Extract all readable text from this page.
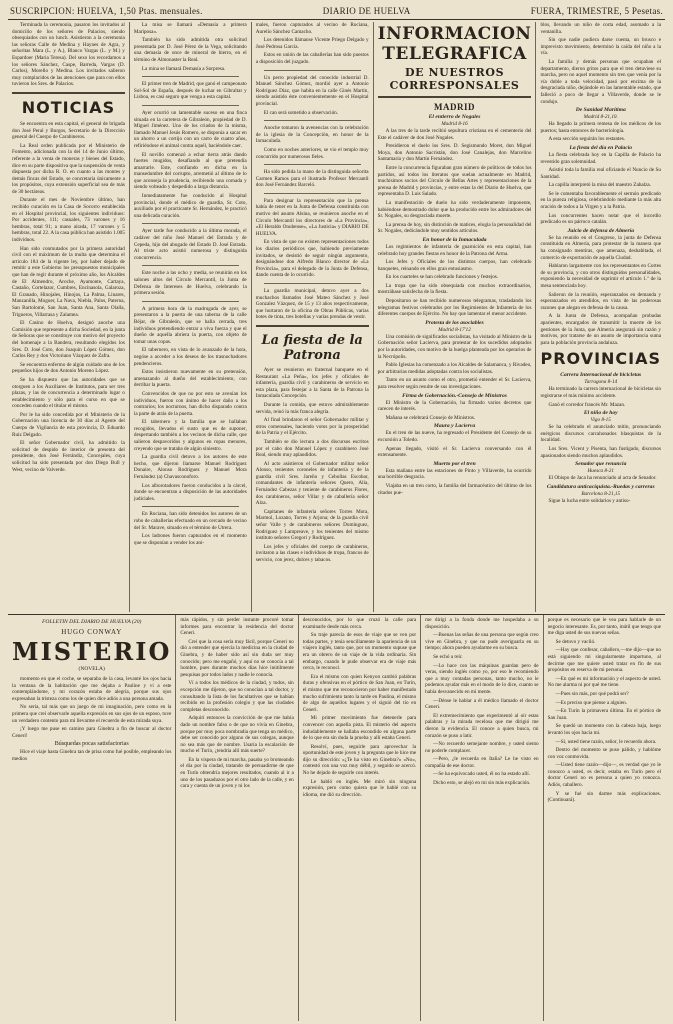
SUSCRIPCION: HUELVA, 1,50 Ptas. mensuales.	DIARIO DE HUELVA	FUERA, TRIMESTRE, 5 Pesetas.

Terminada la ceremonia, pasaron los invitados al domicilio de los señores de Palacios, siendo obsequiados con un lunch. Asistieron a la ceremonia las señoras Calle de Medina y Haynes de Agra, y señoritas Mara (L. y A.), Blanco Vargas (L. y M.) y Espardoer (Maria Teresa). Del sexo los recordamos a los señores Sánchez, Caspe, Barreda, Vargas (D. Carlos), Morello y Medina. Los invitados salieron muy complacidos de las atenciones que para con ellos tuvieron los Sres. de Palacios.

NOTICIAS

Se encuentra en esta capital, el general de brigada don José Peral y Burgos, Secretario de la Dirección general del Cuerpo de Carabineros.

La Real orden publicada por el Ministerio de Fomento, adicionada con la del 14 de Junio último, referente a la venta de moneras y bienes del Estado, dice en su parte dispositiva que la suspensión de venta dispuesta por dicha R. O. en cuanto a las montes y demás fincas del Estado, se concretaría únicamente a los propósitos, cuya extensión superficial sea de más de 30 hectáreas.

Durante el mes de Noviembre último, han recibido curación en la Casa de Socorro establecida en el Hospital provincial, los siguientes individuos: Por accidentes, 111; casuales, 73 varones y 16 hembras, total 91; a mano airada, 17 varones y 5 hembras, total 22. A la casa pública han asistido 1.005 individuos.

Han sido conmutados por la primera autoridad civil con el máximum de la multa que determina el artículo 184 de la vigente ley, por haber dejado de remitir a este Gobierno los presupuestos municipales que han de regir durante el próximo año, los Alcaldes de El Almendro, Aroche, Ayamonte, Cartaya, Castaño, Cortelazor, Cumbres, Encinasola, Galaroza, El Granado, Hinojales, Hinojos, La Palma, Linares, Manzanilla, Moguer, La Nava, Niebla, Palos, Paterna, San Bartolomé, San Juan, Santa Ana, Santa Olalla, Trigueros, Villarrasa y Zalamea.

El Casino de Huelva, designó anoche una Comisión que represente a dicha Sociedad, en la junta de Señoras que se constituye con motivo del proyecto del homenaje a la Bandera, resultando elegidos los Sres. D. José Coto, don Joaquín López Gómez, don Carlos Rey y don Victoriano Vázquez de Zafra.

Se encuentra enfermo de algún cuidado uno de los pequeños hijos de don Antonio Moreno López.

Se ha dispuesto que las autoridades que se otorguen a los Auxiliares de Institutos, para ser tres plazas, y las de concurrencia a determinado lugar o establecimiento y sólo para el curso en que se conceden cuando el titular el mismo.

Por le ha sido concedida por el Ministerio de la Gobernación una licencia de 30 días al Agente del Cuerpo de Vigilancia de esta provincia, D. Eduardo Ruiz Delgado.

El señor Gobernador civil, ha admitido la solicitud de despido de interior de presenta del presidente, don José Ferrándiz, Concejales, cuya solicitud ha sido presentada por don Diego Bull y West, vecino de Valverde.

La misa se llamará «Demasía a primera Mariposa».

También ha sido admitida otra solicitud presentada por D. José Pérez de la Vega, solicitando una demasía de once de mineral de hierro, en el término de Almonaster la Real.

La mina se llamará Demasía a Sorpresa.

El primer tren de Madrid, que ganó el campeonato Sol-Sol de España, después de luchar en Gibraltar y Lisboa, es casi seguro que venga a esta capital.

Ayer ocurrió un lamentable suceso en una finca situada en la carretera de Gibraleón, propiedad de D. Miguel Jiménez. Uno de los criados de la misma, llamado Manuel Jesús Romero, se disponía a sacar en un ahorro a un cortijo con un carro de cuatro años, refiriéndose el animal contra aquél, haciéndole caer.

El novillo comenzó a echar tierra atrás dando fuertes mugidos, desafiando al que pretendía amarrarle. Este, confiando en dicha en la mansedumbre del corrupto, arremetió al último de lo que aconseja la prudencia, recibiendo una cornada y siendo volteado y despedido a larga distancia.

Inmediatamente fue conducido al Hospital provincial, donde el médico de guardia, Sr. Coto, auxiliado por el practicante Sr. Hernández, le practicó una delicada curación.

Ayer tarde fue conducido a la última morada, el cadáver del niño José Manuel del Estrada y de Cepeda, hijo del abogado del Estado D. José Estrada. Al triste acto asistió numerosa y distinguida concurrencia.

Este noche a las ocho y media, se reunirán en los salones altos del Círculo Mercantil, la Junta de Defensa de Intereses de Huelva, celebrando la primera sesión.

A primera hora de la madrugada de ayer, se presentaron a la puerta de una taberna de la calle Béjar, de Gibraleón, que se halla cerrada, tres individuos pretendiendo entrar a viva fuerza y que el dueño de aquella abriera la puerta, con objeto de tomar unas copas.

El tabernero, en vista de lo avanzado de la hora, negóse a acceder a los deseos de los trasnochadores pendencieros.

Estos insistieron nuevamente en su pretensión, amenazando al dueño del establecimiento, con derribar la puerta.

Convencidos de que no por esto se avenían los individuos, fueron con ánimo de hacer daño a los contrarios; los nocturnos, han dicho disparado contra la parte de atrás de la puerta.

El tabernero y la familia que se hallaban recogidos, llevados el susto que es de suponer, despertando también a los vecinos de dicha calle, que salieron despavoridos y algunos en ropas menores, creyendo que se trataba de algún siniestro.

La guardia civil detuvo a los autores de este hecho, que dijeron llamarse Manuel Rodríguez Donaire, Alonso Rodríguez y Manuel Mora Fernández (a) Chavasconoforo.

Los alborotadores fueron conducidos a la cárcel, donde se encuentran a disposición de las autoridades judiciales.

En Rociana, han sido detenidos los autores de un robo de caballerías efectuado en un cercado de vecino del Sr. Marave, situado en el término de Utrera.

Los ladrones fueron capturados en el momento que se disponían a vender los ani-

males, fueron capturados al vecino de Rociana, Aurelio Sánchez Camacho.

Los detenidos llámanse Vicente Priego Delgado y José Pedrosa García.

Estos en unión de las caballerías han sido puestos a disposición del juzgado.

Un perro propiedad del conocido industrial D. Manuel Sánchez Gómez, mordió ayer a Antonio Rodríguez Díaz, que habita en la calle Ginés Martín, siendo asistido éste convenientemente en el Hospital provincial.

El can será sometido a observación.

Anoche tomaron la avenencias con la celebración de la iglesia de la Concepción, en honor de la Inmaculada.

Como en noches anteriores, se vio el templo muy concurrido por numerosos fieles.

Ha sido pedida la mano de la distinguida señorita Carmen Ramos para el ilustrado Profesor Mercantil don José Fernández Barceló.

Para designar la representación que la prensa había de tener en la Junta de Defensa constituida con motivo del asunto Alsina, se reunieron anoche en el Círculo Mercantil los directores de «La Provincia», «El Heraldo Onubense», «La Justicia» y DIARIO DE HUELVA.

En vista de que no existen representaciones todos los diarios periódicos que, habiendo previamente invitados, se desistió de seguir ningún argumento, designándose don Alfredo Blanco director de «La Provincia», para el delegado de la Junta de Defensa, dando cuenta de lo ocurrido.

La guardia municipal, detuvo ayer a dos muchachos llamados José Mateo Sánchez y José Gonzalez Vázquez, de 15 y 13 años respectivamente, que hurtaron de la oficina de Obras Públicas, varias botes de tinta, tres botellas y varias prendas de vestir.

La fiesta de la Patrona

Ayer se reunieron en fraternal banquete en el Restaurant «La Peña», los jefes y oficiales de infantería, guardia civil y carabineros de servicio en esta plaza, para festejar a la Santa de la Patrona la Inmaculada Concepción.

Durante la comida, que estuvo admirablemente servida, reinó la más franca alegría.

Al final brindaron el señor Gobernador militar y otros comensales, haciendo votos por la prosperidad de la Patria y el Ejército.

También se dio lectura a dos discursos escritos por el cabo don Manuel López y carabinero José Real, siendo muy aplaudidos.

Al acto asistieron el Gobernador militar señor Alonso, tenientes coroneles de infantería y de la guardia civil Sres. Jareño y Cebollas Escobar, comandantes de infantería señores Quero, Alia, Fernández Cabezas y teniente de carabineros Flores, dos carabineros, señor Villar y de caballería señor Alza.

Capitanes de infantería señores Torres Mora, Marmol, Lozano, Torres y Arjona; de la guardia civil señor Valle y de carabineros señores Domínguez, Rodríguez y Lampreave, y los tenientes del mismo instituto señores Gregori y Rodríguez.

Los jefes y oficiales del cuerpo de carabineros, invitaron a las clases e individuos de tropa, francos de servicio, con jerez, dulces y tabacos.

INFORMACION TELEGRAFICA
DE NUESTROS CORRESPONSALES
MADRID
El entierro de Nogales

Madrid 8-16

A las tres de la tarde recibió sepultura cristiana en el cementerio del Este el cadáver de don José Nogales.

Presidieron el duelo los Sres. D. Segismundo Moret, don Miguel Moya, don Antonio Sacristán, don José Canalejas, don Marcelino Santamaría y don Martín Fernández.

Entre la concurrencia figuraban gran número de políticos de todos los partidos, así todos los literatos que suelan actualmente en Madrid, muchísimos socios del Círculo de Bellas Artes y representaciones de la prensa de Madrid y provincias, y entre estas la del Diario de Huelva, que representaba D. Luis Salado.

La manifestación de duelo ha sido verdaderamente imponente, habiéndose demostrado dolor que ha producido entre los admiradores del Sr. Nogales, su desgraciada muerte.

La prensa de hoy, sin distinción de matices, elogia la personalidad del Sr. Nogales, dedicándole muy sentidos artículos.

En honor de la Inmaculada

Los regimientos de infantería de guarnición en esta capital, han celebrado hoy grandes fiestas en honor de la Patrona del Arma.

Los Jefes y Oficiales de los distintos cuerpos, han celebrado banquetes, reinando en ellos gran entusiasmo.

En los cuarteles se han celebrado funciones y festejos.

La tropa que ha sido obsequiada con muchos extraordinarios, mostrábase satisfecha de la fiesta.

Depositaron se han recibido numerosos telegramas, trasladando los telegramas festivos celebrados por los Regimientos de Infantería de los diferentes cuerpos de Ejército. No hay que lamentar el menor accidente.

Protesta de los asociables

Madrid 8-17'12

Una comisión de significados socialistas, ha visitado al Ministro de la Gobernación señor Lacierva, para protestar de los sucedidos adoptados por la autoridades, con motivo de la huelga planteada por los operarios de la Necrópolis.

Pablo Iglesias ha comenzado a los Alcaldes de Salamanca, y Rivadeo, por arbitrarias medidas adoptadas contra los socialistas.

Tanto en un asunto como el otro, prometió entender el Sr. Lacierva, para resolver según resulte de sus investigaciones.

Firma de Gobernación.-Consejo de Ministros

El Ministro de la Gobernación, ha firmado varios decretos que carecen de interés.

Mañana se celebrará Consejo de Ministros.

Maura y Lacierva

En el tren de las nueve, ha regresado el Presidente del Consejo de su excursión a Toledo.

Apenas llegado, visitó el Sr. Lacierva conversando con él extensamente.

Muerto por el tren

Esta mañana entre las estaciones de Pinto y Villaverde, ha ocurrido una horrible desgracia.

Viajaba en un tren corto, la familia del farmacéutico del último de los citados pue-

blos, llevando un niño de corta edad, asomado a la ventanilla.

Sin que nadie pudiera darse cuenta, un brusco e imprevisto movimiento, determinó la caída del niño a la vía.

La familia y demás personas que ocupaban el departamento, dieron gritos para que el tren detuviese su marcha, pero no aquel momento sin tren que venía por la vía doble a toda velocidad, pasó por encima de la desgraciada niño, dejándole en las lamentable estado, que falleció a poco de llegar a Villaverde, donde se le condujo.

De Sanidad Marítima

Madrid 8-21,10.

Ha llegado la primera remesa de los médicos de los puertos; hasta entonces de bacteriología.

A esta sección seguirán los restantes.

La fiesta del día en Palacio

La fiesta celebrada hoy en la Capilla de Palacio ha revestido gran solemnidad.

Asistió toda la familia real oficiando el Nuncio de Su Santidad.

La capilla interpretó la misa del maestro Zabalza.

Se le comentaba favorablemente el sermón predicado en la pureza religiosa, celebrándolo mediante la más alta oración de todos a la Virgen y a la Patria.

Los concurrentes hacen notar que el incordio predicado es un párroco catalán.

Juicio de defensa de Almería

Se ha reunido en el Congreso, la junta de Defensa constituida en Almería, para protestar de la manera que ha consignado mentiras, que amenaza, deshabitada, el comercio de exportación de aquella Ciudad.

Hablaron largamente con los representantes en Cortes de su provincia, y con otros distinguidos personalidades, exponiendo la necesidad de suprimir el artículo 1.º de la mesa sentenciada hoy.

Salieron de la reunión, esperanzados en demanda y esperanzados en atendidos, en vista de las poderosas razones que alegan en defensa de la causa.

A la Junta de Defensa, acompañan probadas aparientes, encargados de transmitir la muerte de los gestiones de la Junta, que Almería asegurará sin razón y motivos, por tratarse de un asunto de importancia suma para la población provincia andaluza.

PROVINCIAS
Carrera Internacional de bicicletas

Tarragona 8-14

Ha terminado la carrera internacional de bicicletas sin registrarse el más mínimo accidente.

Ganó el corredor francés Mr. Mazan.

El niño de hoy

Vigo 8-15

Se ha celebrado el anunciado mitin, pronunciando enérgicos discursos carcahonados blasquistas de la localidad.

Los Sres. Vicent y Pisenta, han fustigado, discursos apasionados siendo muchos aplaudidos.

Senador que renuncia

Huesca 8-21

El Obispo de Jaca ha renunciado al acta de Senador.

Candidatura anticaciquista.-Ruedas y carreras

Barcelona 8-21,15

Sigue la lucha entre solidarios y antiso-

FOLLETIN DEL DIARIO DE HUELVA (20)

HUGO CONWAY

MISTERIO

(NOVELA)

momento en que el coche, se separaba de la casa, levanté los ojos hacia la ventana de la habitación que me dejaba a Pauline y vi a este contemplándome, y mi corazón estaba de alegría, porque sus ojos expresaban la tristeza como los de quien dice adiós a una persona amada.

No sería, tal más que un juego de mi imaginación, pero como en la primera que creí observarle aquella expresión en sus ojos de un esposo, tuve un verdadero contento para mi llevarme el recuerdo de esta mirada suya.

¡Y luego me puse en camino para Ginebra a fin de buscar al doctor Ceneri!

Búsquedas pocas satisfactorias

Hice el viaje hasta Ginebra tan de prisa como fué posible, empleando los medios

más rápidos, y sin perder instante procuré tomar informes para encontrar la residencia del doctor Ceneri.

Creí que la cosa sería muy fácil, porque Ceneri no dió a entender que ejercía la medicina en la ciudad de Ginebra, y de haber sido así sin duda ser muy conocido; pero me engañó, y aquí no se conocía a tal hombre, pues durante muchos días hice inútilmente pesquisas por todos lados y nadie le conocía.

Ví a todos los médicos de la ciudad, y todos, sin excepción me dijeron, que no conocían a tal doctor, y consultando la lista de los facultativos que se habían recibido en la profesión colegio y que las ciudades completas desconocido.

Adquirí entonces la convicción de que me había dado un nombre falso o de que no vivía en Ginebra, porque por muy poca nombradía que tenga un médico, debe ser conocido por alguno de sus colegas, aunque no sea más que de nombre. Usaría la escalación de mucho el Turín, ¿tendría allí más suerte?

En la víspera de mi marcha, pasaba yo bromeando el día por la ciudad, tratando de persuadirme de que en Turín obtendría mejores resultados, cuando al ir a uno de los pasaduzos por el otro lado de la calle, y en cara y cuenta de un joven y ni los

desconocidos, por lo que cruzó la calle para examinarle desde más cerca.

Su traje parecía de esos de viaje que se ven por todas partes, y tenía sencillamente la apariencia de un viajero inglés, tanto que, por un momento supuse que era un obrero de un viaje de la vida ordinaria. Sin embargo, cuando le pude observar era de viaje más cerca, le reconocí.

Era el mismo con quien Kenyon cambió palabras duras y ofensivas en el pórtico de San Juan, en Turín, el mismo que me reconocieron por haber manifestado mucho sufrimiento tanto la tarde en Paulina, el mismo de algo de aquellos lugares y el siguió del tío en Ceneri.

Mi primer movimiento fue detenerle para convencer con aquella pista. El misterio del aspecto indudablemente se hallaba escondido en alguna parte de lo que era sin duda la prueba y allí estaba Ceneri.

Resolví, pues, seguirle para aprovechar la oportunidad de este joven y la pregunta que le hice me dijo su dirección: «¿Te ha visto en Ginebra?» «No», contestó con una voz muy débil, y seguido se acercó. No he dejado de seguirle con interés.

Le habló en inglés. Me miró sin ninguna expresión, pero como quiera que le hablé con su idioma, me dió su dirección.

me dirigí a la fonda donde me hospedaba a su disposición.

—Buenas las señas de una persona que según creo vive en Ginebra, y que no pude averiguarla en su tiempo; ahora pueden ayudarme en su busca.

Se echó a reír.

—Lo hace con las máquinas guardan pero de veras, siendo inglés como yo, por eso le recomiendo que a muy contadas personas, tanto mucho, no le podemos ayudar más en el modo de lo dice, cuanto se había desvanecido en mi mente.

—Dénse le hablar a él médico llamado el doctor Ceneri.

El extremecimiento que experimentó al oír estas palabras y la mirada recelosa que me dirigió me dieron la evidencia. El conoce a quien busca, mi corazón se puso a latir.

—No recuerdo semejante nombre, y usted siento no poderle complacer.

—Pero, ¿le recuerda en Italia? Le he visto en compañía de ese doctor.

—Se ha equivocado usted, él no ha estado allí.

Dicho esto, se alejó en mi sin más explicación.

porque es necesario que le vea para hablarle de un negocio interesante. Es, por tanto, inútil que tengo que me diga usted de sus nuevas señas.

Se detuvo y vaciló.

—Hay que confesar, caballero,—me dijo—que no está siguiendo mi singularmente importuno, al decirme que me quiere usted tratar en fin de sus propósitos en reserva de mi persona.

—En qué es mi información y el aspecto de usted. No me alarma ni por qué me tiene.

—Pues sin más, por qué podrá ser?

—Es preciso que piense a alguien.

—En Turín la primavera última. En el pórtico de San Juan.

Se quedó un momento con la cabeza baja, luego levantó los ojos hacia mí.

—Sí, usted tiene razón, señor, le recuerdo ahora.

Dentro del momento se puso pálido, y hablóme con voz conmovida.

—Usted tiene razón—dijo—, es verdad que yo le conozco a usted, es decir, estaba en Turín pero el doctor Ceneri no es persona a quien yo conozca. Adiós, caballero.

Y se fué sin darme más explicaciones. (Continuará).
